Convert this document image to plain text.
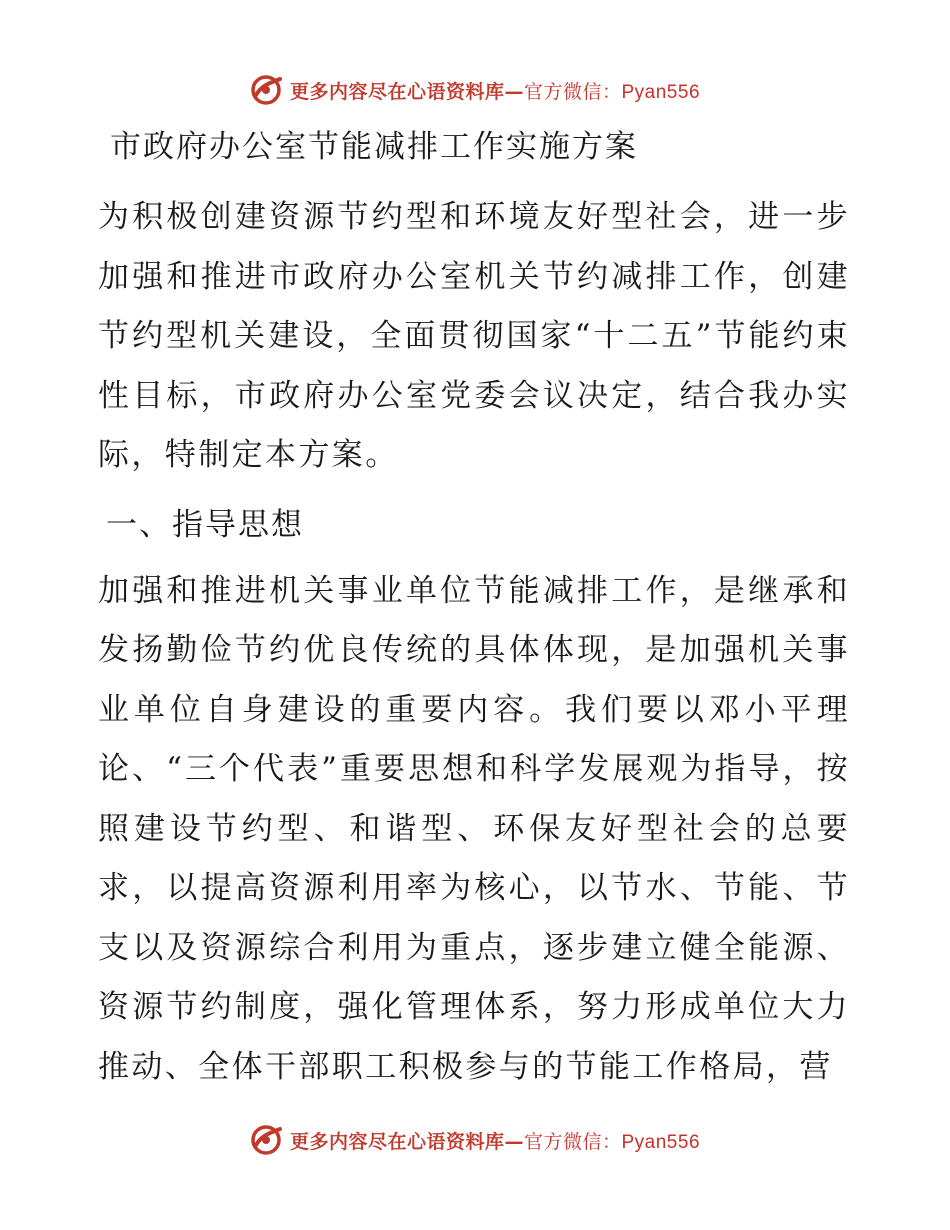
更多内容尽在心语资料库—官方微信：Pyan556
市政府办公室节能减排工作实施方案

为积极创建资源节约型和环境友好型社会，进一步加强和推进市政府办公室机关节约减排工作，创建节约型机关建设，全面贯彻国家“十二五”节能约束性目标，市政府办公室党委会议决定，结合我办实际，特制定本方案。

一、指导思想

加强和推进机关事业单位节能减排工作，是继承和发扬勤俭节约优良传统的具体体现，是加强机关事业单位自身建设的重要内容。我们要以邓小平理论、“三个代表”重要思想和科学发展观为指导，按照建设节约型、和谐型、环保友好型社会的总要求，以提高资源利用率为核心，以节水、节能、节支以及资源综合利用为重点，逐步建立健全能源、资源节约制度，强化管理体系，努力形成单位大力推动、全体干部职工积极参与的节能工作格局，营

更多内容尽在心语资料库—官方微信：Pyan556
